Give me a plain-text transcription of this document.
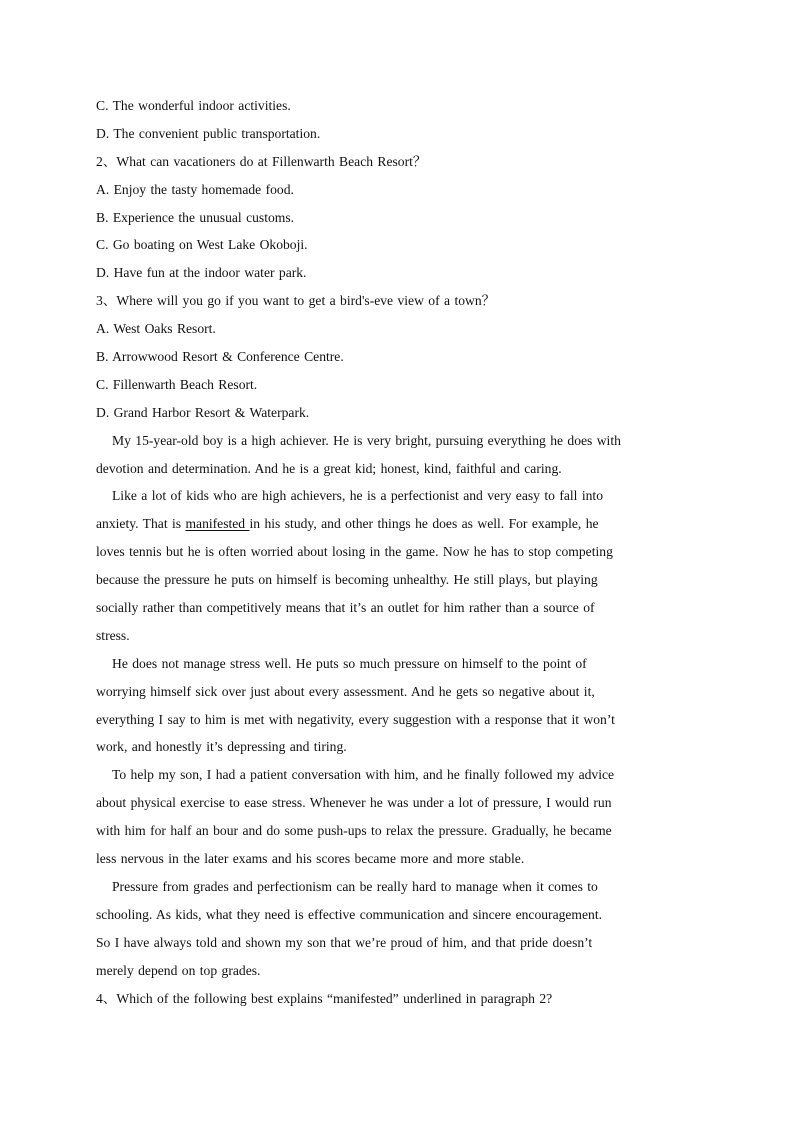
C. The wonderful indoor activities.
D. The convenient public transportation.
2、What can vacationers do at Fillenwarth Beach Resort？
A. Enjoy the tasty homemade food.
B. Experience the unusual customs.
C. Go boating on West Lake Okoboji.
D. Have fun at the indoor water park.
3、Where will you go if you want to get a bird's-eve view of a town？
A. West Oaks Resort.
B. Arrowwood Resort & Conference Centre.
C. Fillenwarth Beach Resort.
D. Grand Harbor Resort & Waterpark.
My 15-year-old boy is a high achiever. He is very bright, pursuing everything he does with
devotion and determination. And he is a great kid; honest, kind, faithful and caring.
Like a lot of kids who are high achievers, he is a perfectionist and very easy to fall into
anxiety. That is manifested in his study, and other things he does as well. For example, he
loves tennis but he is often worried about losing in the game. Now he has to stop competing
because the pressure he puts on himself is becoming unhealthy. He still plays, but playing
socially rather than competitively means that it’s an outlet for him rather than a source of
stress.
He does not manage stress well. He puts so much pressure on himself to the point of
worrying himself sick over just about every assessment. And he gets so negative about it,
everything I say to him is met with negativity, every suggestion with a response that it won’t
work, and honestly it’s depressing and tiring.
To help my son, I had a patient conversation with him, and he finally followed my advice
about physical exercise to ease stress. Whenever he was under a lot of pressure, I would run
with him for half an bour and do some push-ups to relax the pressure. Gradually, he became
less nervous in the later exams and his scores became more and more stable.
Pressure from grades and perfectionism can be really hard to manage when it comes to
schooling. As kids, what they need is effective communication and sincere encouragement.
So I have always told and shown my son that we’re proud of him, and that pride doesn’t
merely depend on top grades.
4、Which of the following best explains “manifested” underlined in paragraph 2?
